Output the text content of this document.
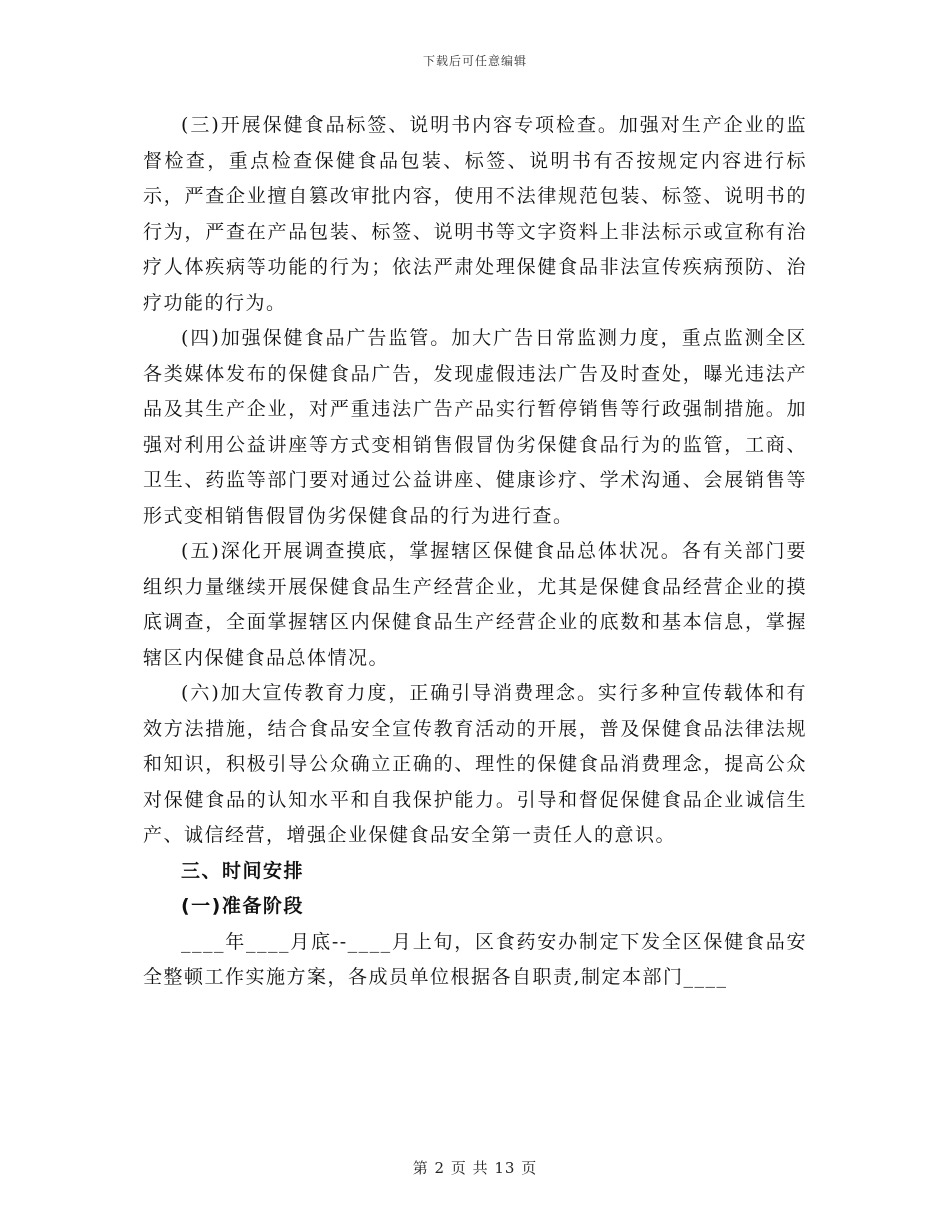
下载后可任意编辑

(三)开展保健食品标签、说明书内容专项检查。加强对生产企业的监督检查，重点检查保健食品包装、标签、说明书有否按规定内容进行标示，严查企业擅自篡改审批内容，使用不法律规范包装、标签、说明书的行为，严查在产品包装、标签、说明书等文字资料上非法标示或宣称有治疗人体疾病等功能的行为；依法严肃处理保健食品非法宣传疾病预防、治疗功能的行为。

(四)加强保健食品广告监管。加大广告日常监测力度，重点监测全区各类媒体发布的保健食品广告，发现虚假违法广告及时查处，曝光违法产品及其生产企业，对严重违法广告产品实行暂停销售等行政强制措施。加强对利用公益讲座等方式变相销售假冒伪劣保健食品行为的监管，工商、卫生、药监等部门要对通过公益讲座、健康诊疗、学术沟通、会展销售等形式变相销售假冒伪劣保健食品的行为进行查。

(五)深化开展调查摸底，掌握辖区保健食品总体状况。各有关部门要组织力量继续开展保健食品生产经营企业，尤其是保健食品经营企业的摸底调查，全面掌握辖区内保健食品生产经营企业的底数和基本信息，掌握辖区内保健食品总体情况。

(六)加大宣传教育力度，正确引导消费理念。实行多种宣传载体和有效方法措施，结合食品安全宣传教育活动的开展，普及保健食品法律法规和知识，积极引导公众确立正确的、理性的保健食品消费理念，提高公众对保健食品的认知水平和自我保护能力。引导和督促保健食品企业诚信生产、诚信经营，增强企业保健食品安全第一责任人的意识。

三、时间安排

(一)准备阶段

____年____月底--____月上旬，区食药安办制定下发全区保健食品安全整顿工作实施方案，各成员单位根据各自职责,制定本部门____

第 2 页 共 13 页
